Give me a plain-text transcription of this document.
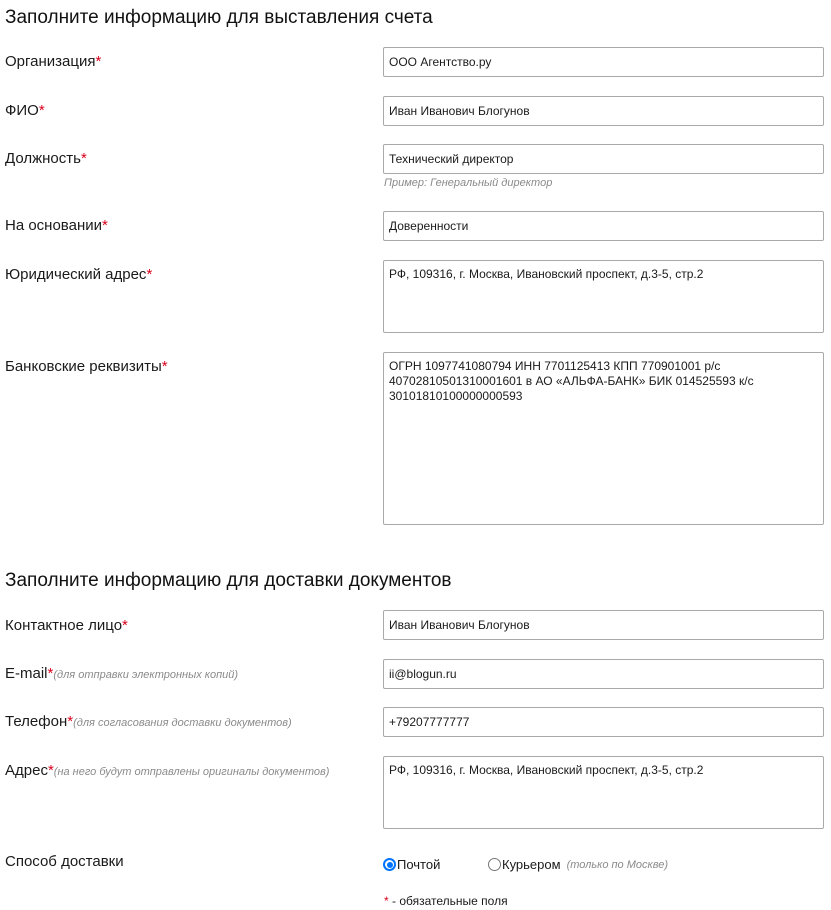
Заполните информацию для выставления счета
Организация*
ООО Агентство.ру
ФИО*
Иван Иванович Блогунов
Должность*
Технический директор
Пример: Генеральный директор
На основании*
Доверенности
Юридический адрес*
РФ, 109316, г. Москва, Ивановский проспект, д.3-5, стр.2
Банковские реквизиты*
ОГРН 1097741080794 ИНН 7701125413 КПП 770901001 р/с 40702810501310001601 в АО «АЛЬФА-БАНК» БИК 014525593 к/с 30101810100000000593
Заполните информацию для доставки документов
Контактное лицо*
Иван Иванович Блогунов
E-mail*(для отправки электронных копий)
ii@blogun.ru
Телефон*(для согласования доставки документов)
+79207777777
Адрес*(на него будут отправлены оригиналы документов)
РФ, 109316, г. Москва, Ивановский проспект, д.3-5, стр.2
Способ доставки	Почтой	Курьером (только по Москве)
* - обязательные поля
